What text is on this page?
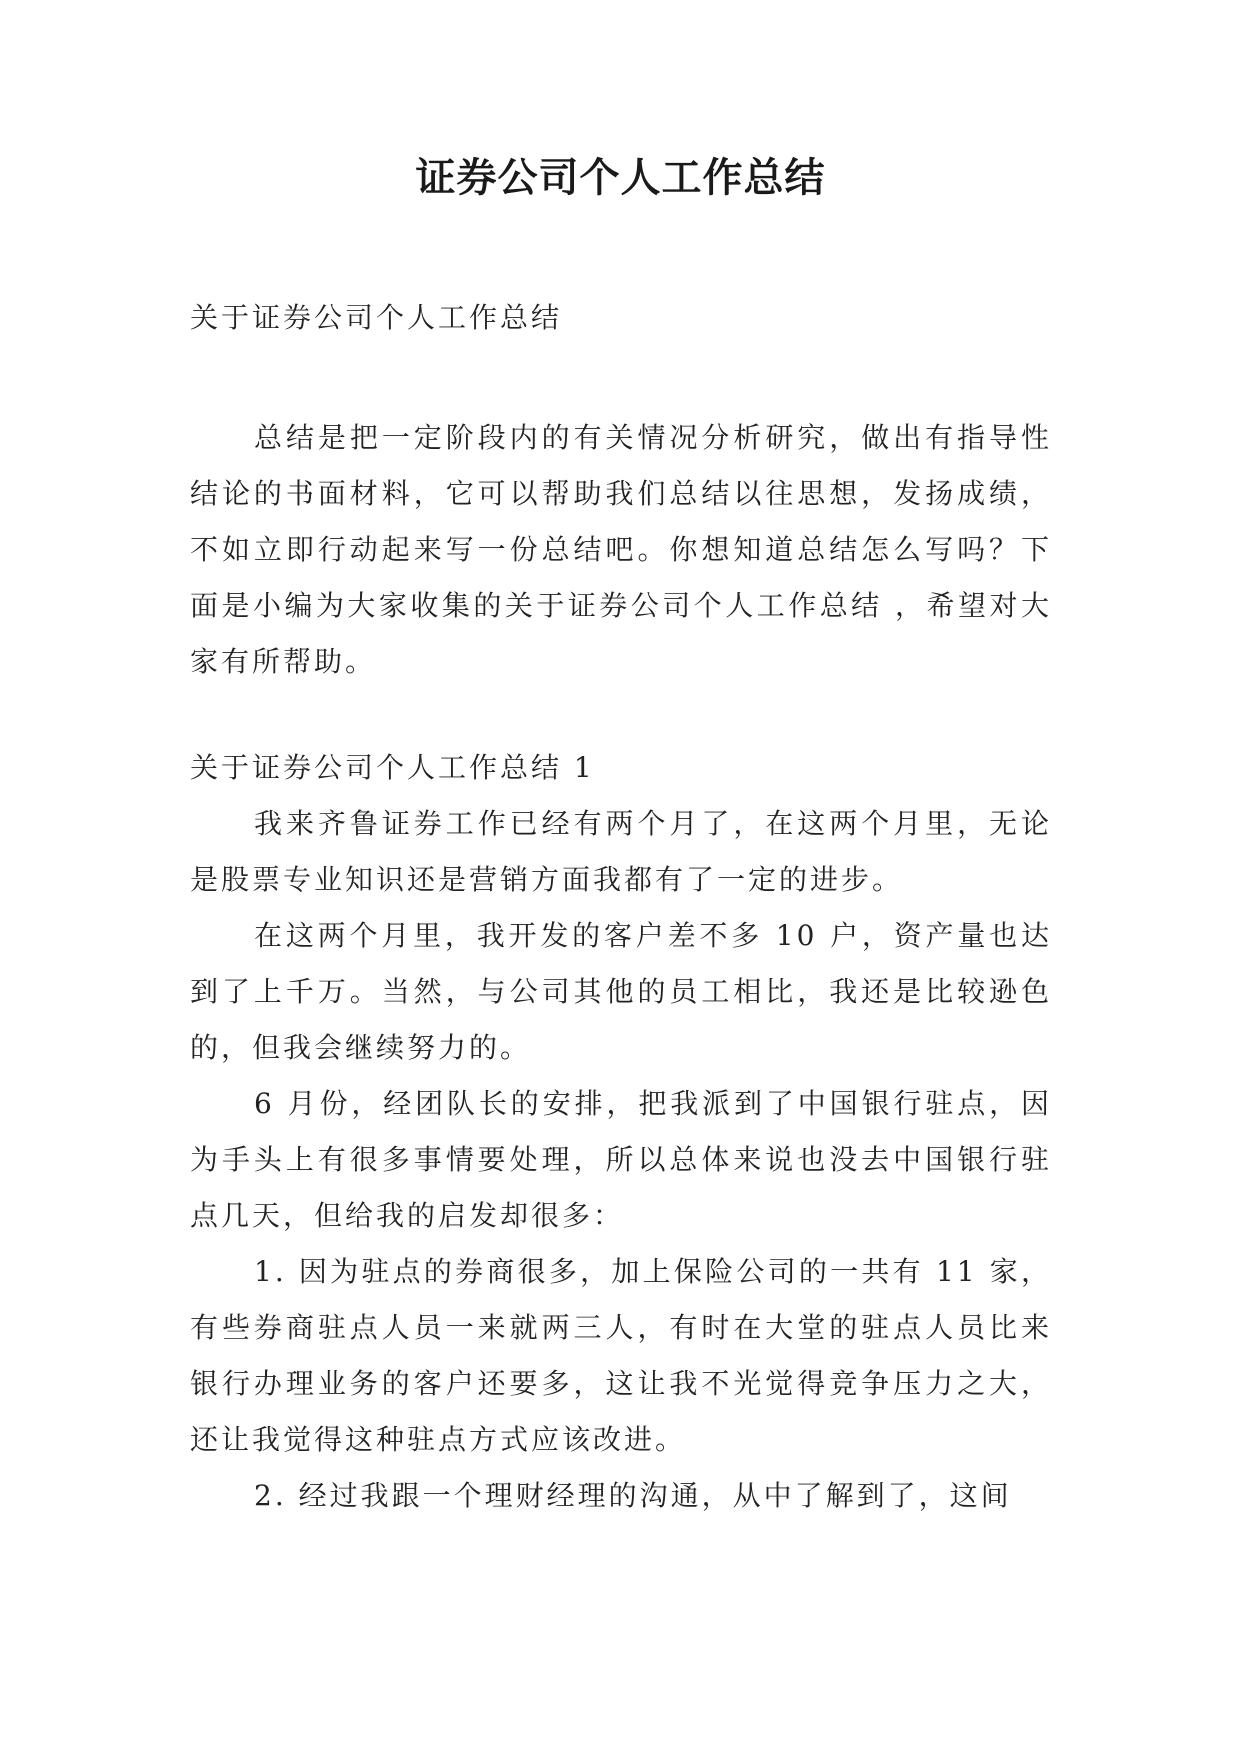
证券公司个人工作总结

关于证券公司个人工作总结

总结是把一定阶段内的有关情况分析研究，做出有指导性结论的书面材料，它可以帮助我们总结以往思想，发扬成绩，不如立即行动起来写一份总结吧。你想知道总结怎么写吗？下面是小编为大家收集的关于证券公司个人工作总结 ，希望对大家有所帮助。

关于证券公司个人工作总结 1

我来齐鲁证券工作已经有两个月了，在这两个月里，无论是股票专业知识还是营销方面我都有了一定的进步。

在这两个月里，我开发的客户差不多 10 户，资产量也达到了上千万。当然，与公司其他的员工相比，我还是比较逊色的，但我会继续努力的。

6 月份，经团队长的安排，把我派到了中国银行驻点，因为手头上有很多事情要处理，所以总体来说也没去中国银行驻点几天，但给我的启发却很多：

1. 因为驻点的券商很多，加上保险公司的一共有 11 家，有些券商驻点人员一来就两三人，有时在大堂的驻点人员比来银行办理业务的客户还要多，这让我不光觉得竞争压力之大，还让我觉得这种驻点方式应该改进。

2. 经过我跟一个理财经理的沟通，从中了解到了，这间
